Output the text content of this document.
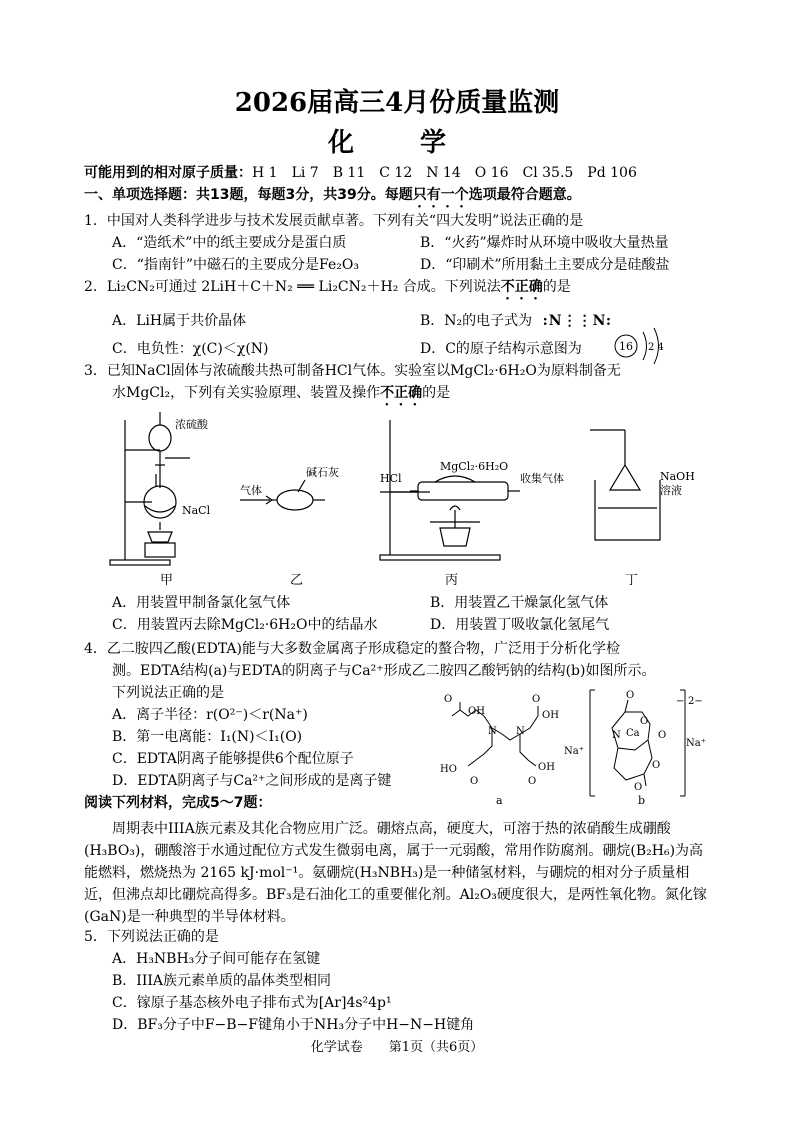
2026届高三4月份质量监测
化　学
可能用到的相对原子质量：H 1　Li 7　B 11　C 12　N 14　O 16　Cl 35.5　Pd 106
一、单项选择题：共13题，每题3分，共39分。每题只有一个选项最符合题意。
1．中国对人类科学进步与技术发展贡献卓著。下列有关“四大发明”说法正确的是
A．“造纸术”中的纸主要成分是蛋白质	B．“火药”爆炸时从环境中吸收大量热量
C．“指南针”中磁石的主要成分是Fe₂O₃	D．“印刷术”所用黏土主要成分是硅酸盐
2．Li₂CN₂可通过 2LiH＋C＋N₂ ══ Li₂CN₂＋H₂ 合成。下列说法不正确的是
A．LiH属于共价晶体	B．N₂的电子式为 :N⋮⋮N:
C．电负性：χ(C)＜χ(N)	D．C的原子结构示意图为	16 2 4
3．已知NaCl固体与浓硫酸共热可制备HCl气体。实验室以MgCl₂·6H₂O为原料制备无
水MgCl₂，下列有关实验原理、装置及操作不正确的是
浓硫酸
NaCl
气体
碱石灰	HCl
MgCl₂·6H₂O
收集气体	NaOH
溶液
甲	乙	丙	丁
A．用装置甲制备氯化氢气体	B．用装置乙干燥氯化氢气体
C．用装置丙去除MgCl₂·6H₂O中的结晶水	D．用装置丁吸收氯化氢尾气
4．乙二胺四乙酸(EDTA)能与大多数金属离子形成稳定的螯合物，广泛用于分析化学检
测。EDTA结构(a)与EDTA的阴离子与Ca²⁺形成乙二胺四乙酸钙钠的结构(b)如图所示。
下列说法正确的是
A．离子半径：r(O²⁻)＜r(Na⁺)
B．第一电离能：I₁(N)＜I₁(O)
C．EDTA阴离子能够提供6个配位原子
D．EDTA阴离子与Ca²⁺之间形成的是离子键
O
OH
O
OH
N N
HO
O	O
OH
a
Na⁺
Na⁺
− 2−
O
O
N Ca O
O
O
b
阅读下列材料，完成5～7题：
周期表中IIIA族元素及其化合物应用广泛。硼熔点高，硬度大，可溶于热的浓硝酸生成硼酸(H₃BO₃)，硼酸溶于水通过配位方式发生微弱电离，属于一元弱酸，常用作防腐剂。硼烷(B₂H₆)为高能燃料，燃烧热为 2165 kJ·mol⁻¹。氨硼烷(H₃NBH₃)是一种储氢材料，与硼烷的相对分子质量相近，但沸点却比硼烷高得多。BF₃是石油化工的重要催化剂。Al₂O₃硬度很大，是两性氧化物。氮化镓(GaN)是一种典型的半导体材料。
5．下列说法正确的是
A．H₃NBH₃分子间可能存在氢键
B．IIIA族元素单质的晶体类型相同
C．镓原子基态核外电子排布式为[Ar]4s²4p¹
D．BF₃分子中F−B−F键角小于NH₃分子中H−N−H键角
化学试卷　　第1页（共6页）
